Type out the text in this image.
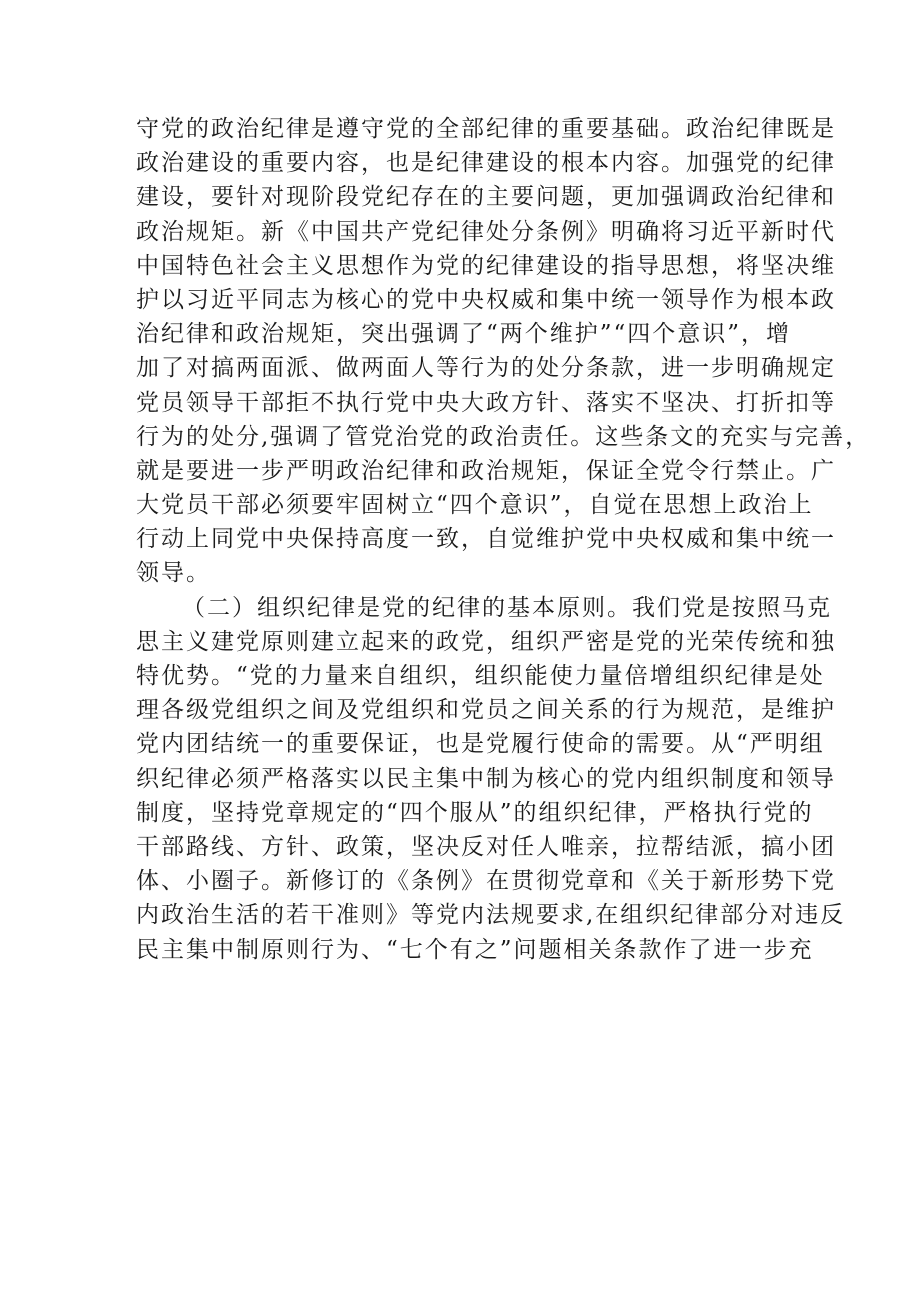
守党的政治纪律是遵守党的全部纪律的重要基础。政治纪律既是
政治建设的重要内容，也是纪律建设的根本内容。加强党的纪律
建设，要针对现阶段党纪存在的主要问题，更加强调政治纪律和
政治规矩。新《中国共产党纪律处分条例》明确将习近平新时代
中国特色社会主义思想作为党的纪律建设的指导思想，将坚决维
护以习近平同志为核心的党中央权威和集中统一领导作为根本政
治纪律和政治规矩，突出强调了“两个维护”“四个意识”，增
加了对搞两面派、做两面人等行为的处分条款，进一步明确规定
党员领导干部拒不执行党中央大政方针、落实不坚决、打折扣等
行为的处分,强调了管党治党的政治责任。这些条文的充实与完善，
就是要进一步严明政治纪律和政治规矩，保证全党令行禁止。广
大党员干部必须要牢固树立“四个意识”，自觉在思想上政治上
行动上同党中央保持高度一致，自觉维护党中央权威和集中统一
领导。
（二）组织纪律是党的纪律的基本原则。我们党是按照马克
思主义建党原则建立起来的政党，组织严密是党的光荣传统和独
特优势。“党的力量来自组织，组织能使力量倍增组织纪律是处
理各级党组织之间及党组织和党员之间关系的行为规范，是维护
党内团结统一的重要保证，也是党履行使命的需要。从“严明组
织纪律必须严格落实以民主集中制为核心的党内组织制度和领导
制度，坚持党章规定的“四个服从”的组织纪律，严格执行党的
干部路线、方针、政策，坚决反对任人唯亲，拉帮结派，搞小团
体、小圈子。新修订的《条例》在贯彻党章和《关于新形势下党
内政治生活的若干准则》等党内法规要求,在组织纪律部分对违反
民主集中制原则行为、“七个有之”问题相关条款作了进一步充
